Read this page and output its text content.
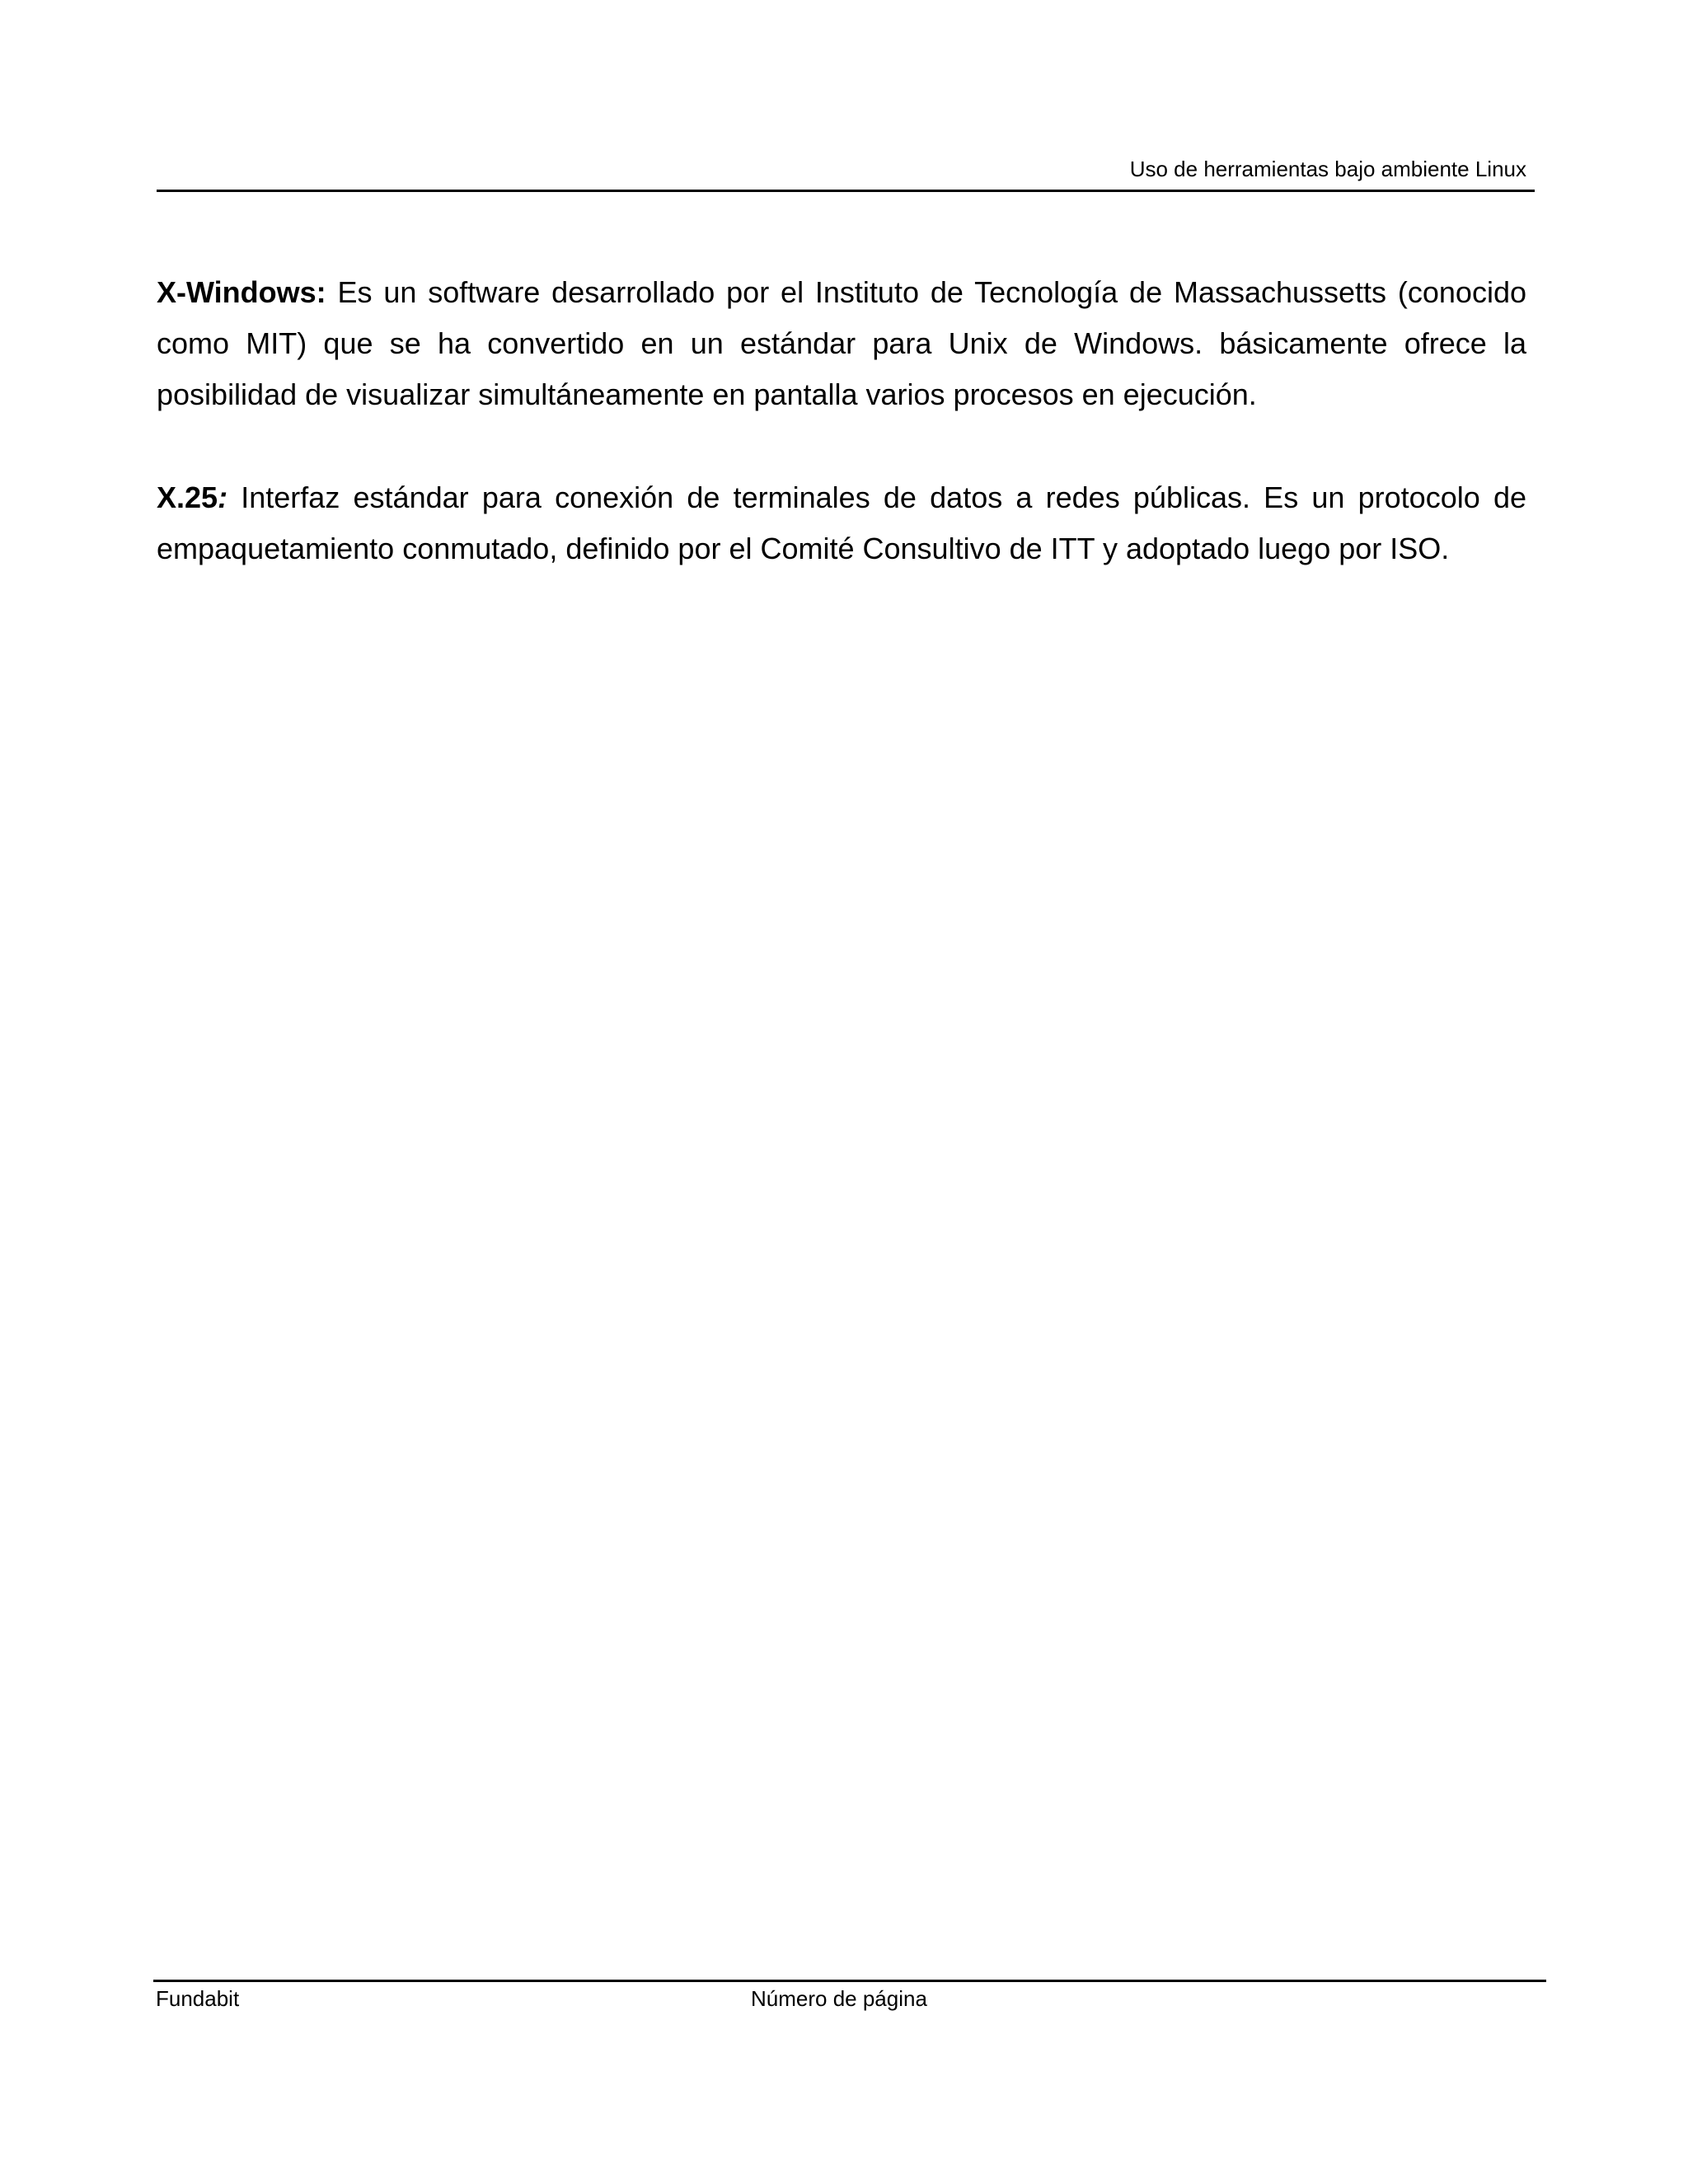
Uso de herramientas bajo ambiente Linux

X-Windows: Es un software desarrollado por el Instituto de Tecnología de Massachussetts (conocido como MIT) que se ha convertido en un estándar para Unix de Windows. básicamente ofrece la posibilidad de visualizar simultáneamente en pantalla varios procesos en ejecución.

X.25: Interfaz estándar para conexión de terminales de datos a redes públicas. Es un protocolo de empaquetamiento conmutado, definido por el Comité Consultivo de ITT y adoptado luego por ISO.

Fundabit	Número de página
